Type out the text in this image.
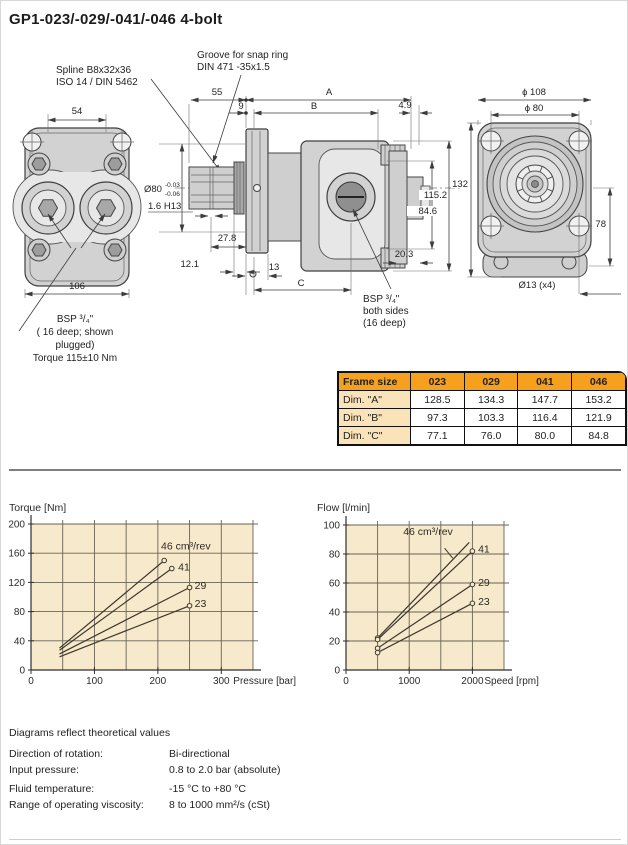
GP1-023/-029/-041/-046 4-bolt
Spline B8x32x36
ISO 14 / DIN 5462
Groove for snap ring
DIN 471 -35x1.5
54
106
BSP ³/₄"
( 16 deep; shown
plugged)
Torque 115±10 Nm
55	A
9	B	4.9
Ø80 -0.03
-0.06
1.6 H13
27.8
12.1	13
C
20.3
84.6
115.2
BSP ³/₄"
both sides
(16 deep)
ϕ 108
ϕ 80
132
78
Ø13 (x4)
Frame size	023	029	041	046
Dim. "A"	128.5	134.3	147.7	153.2
Dim. "B"	97.3	103.3	116.4	121.9
Dim. "C"	77.1	76.0	80.0	84.8
0
40
80
120
160
200
0	100	200	300 Pressure [bar]
Torque [Nm]
46 cm³/rev
41
29
23
0
20
40
60
80
100
0	1000	2000 Speed [rpm]
Flow [l/min]
46 cm³/rev
41
29
23
Diagrams reflect theoretical values
Direction of rotation:	Bi-directional
Input pressure:	0.8 to 2.0 bar (absolute)
Fluid temperature:	-15 °C to +80 °C
Range of operating viscosity:	8 to 1000 mm²/s (cSt)
